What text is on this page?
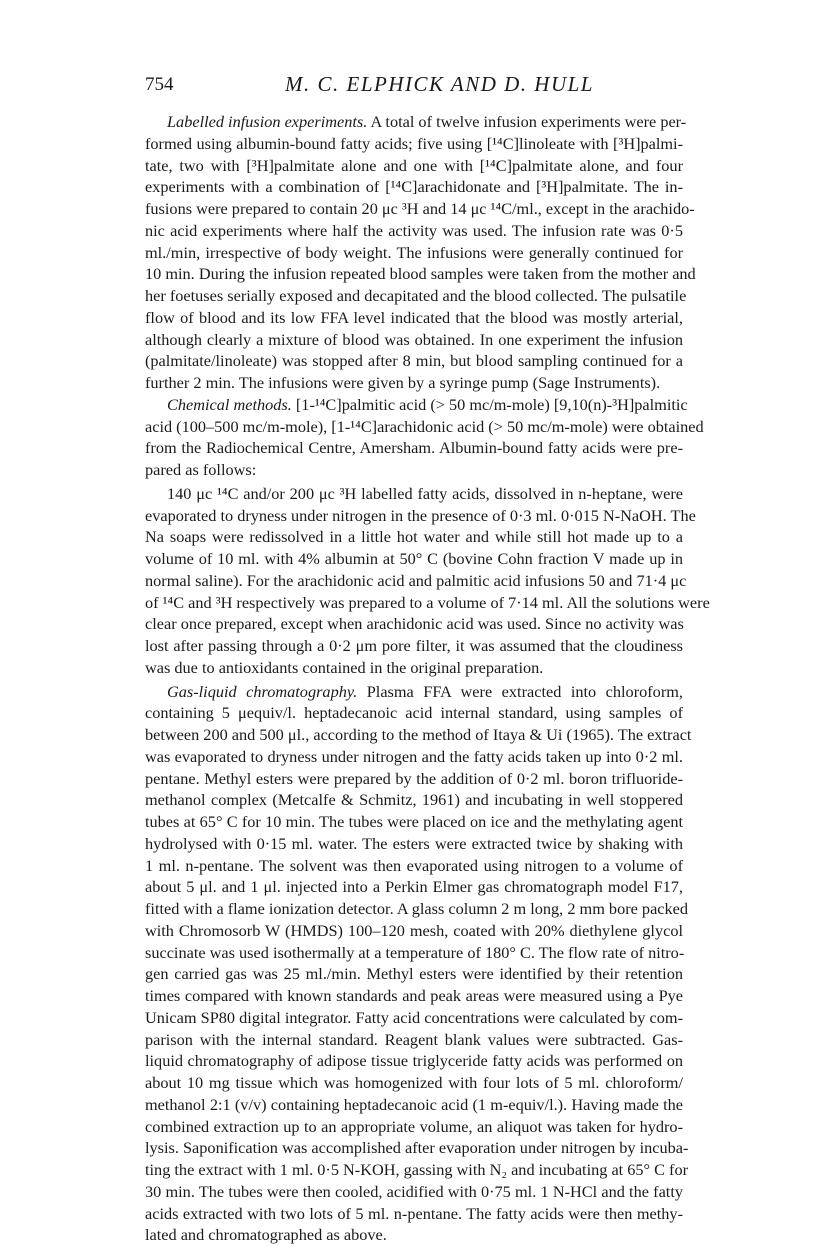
754	M. C. ELPHICK AND D. HULL
Labelled infusion experiments. A total of twelve infusion experiments were per-
formed using albumin-bound fatty acids; five using [¹⁴C]linoleate with [³H]palmi-
tate, two with [³H]palmitate alone and one with [¹⁴C]palmitate alone, and four
experiments with a combination of [¹⁴C]arachidonate and [³H]palmitate. The in-
fusions were prepared to contain 20 μc ³H and 14 μc ¹⁴C/ml., except in the arachido-
nic acid experiments where half the activity was used. The infusion rate was 0·5
ml./min, irrespective of body weight. The infusions were generally continued for
10 min. During the infusion repeated blood samples were taken from the mother and
her foetuses serially exposed and decapitated and the blood collected. The pulsatile
flow of blood and its low FFA level indicated that the blood was mostly arterial,
although clearly a mixture of blood was obtained. In one experiment the infusion
(palmitate/linoleate) was stopped after 8 min, but blood sampling continued for a
further 2 min. The infusions were given by a syringe pump (Sage Instruments).
Chemical methods. [1-¹⁴C]palmitic acid (> 50 mc/m-mole) [9,10(n)-³H]palmitic
acid (100–500 mc/m-mole), [1-¹⁴C]arachidonic acid (> 50 mc/m-mole) were obtained
from the Radiochemical Centre, Amersham. Albumin-bound fatty acids were pre-
pared as follows:
140 μc ¹⁴C and/or 200 μc ³H labelled fatty acids, dissolved in n-heptane, were
evaporated to dryness under nitrogen in the presence of 0·3 ml. 0·015 N-NaOH. The
Na soaps were redissolved in a little hot water and while still hot made up to a
volume of 10 ml. with 4% albumin at 50° C (bovine Cohn fraction V made up in
normal saline). For the arachidonic acid and palmitic acid infusions 50 and 71·4 μc
of ¹⁴C and ³H respectively was prepared to a volume of 7·14 ml. All the solutions were
clear once prepared, except when arachidonic acid was used. Since no activity was
lost after passing through a 0·2 μm pore filter, it was assumed that the cloudiness
was due to antioxidants contained in the original preparation.
Gas-liquid chromatography. Plasma FFA were extracted into chloroform,
containing 5 μequiv/l. heptadecanoic acid internal standard, using samples of
between 200 and 500 μl., according to the method of Itaya & Ui (1965). The extract
was evaporated to dryness under nitrogen and the fatty acids taken up into 0·2 ml.
pentane. Methyl esters were prepared by the addition of 0·2 ml. boron trifluoride-
methanol complex (Metcalfe & Schmitz, 1961) and incubating in well stoppered
tubes at 65° C for 10 min. The tubes were placed on ice and the methylating agent
hydrolysed with 0·15 ml. water. The esters were extracted twice by shaking with
1 ml. n-pentane. The solvent was then evaporated using nitrogen to a volume of
about 5 μl. and 1 μl. injected into a Perkin Elmer gas chromatograph model F17,
fitted with a flame ionization detector. A glass column 2 m long, 2 mm bore packed
with Chromosorb W (HMDS) 100–120 mesh, coated with 20% diethylene glycol
succinate was used isothermally at a temperature of 180° C. The flow rate of nitro-
gen carried gas was 25 ml./min. Methyl esters were identified by their retention
times compared with known standards and peak areas were measured using a Pye
Unicam SP80 digital integrator. Fatty acid concentrations were calculated by com-
parison with the internal standard. Reagent blank values were subtracted. Gas-
liquid chromatography of adipose tissue triglyceride fatty acids was performed on
about 10 mg tissue which was homogenized with four lots of 5 ml. chloroform/
methanol 2:1 (v/v) containing heptadecanoic acid (1 m-equiv/l.). Having made the
combined extraction up to an appropriate volume, an aliquot was taken for hydro-
lysis. Saponification was accomplished after evaporation under nitrogen by incuba-
ting the extract with 1 ml. 0·5 N-KOH, gassing with N₂ and incubating at 65° C for
30 min. The tubes were then cooled, acidified with 0·75 ml. 1 N-HCl and the fatty
acids extracted with two lots of 5 ml. n-pentane. The fatty acids were then methy-
lated and chromatographed as above.
